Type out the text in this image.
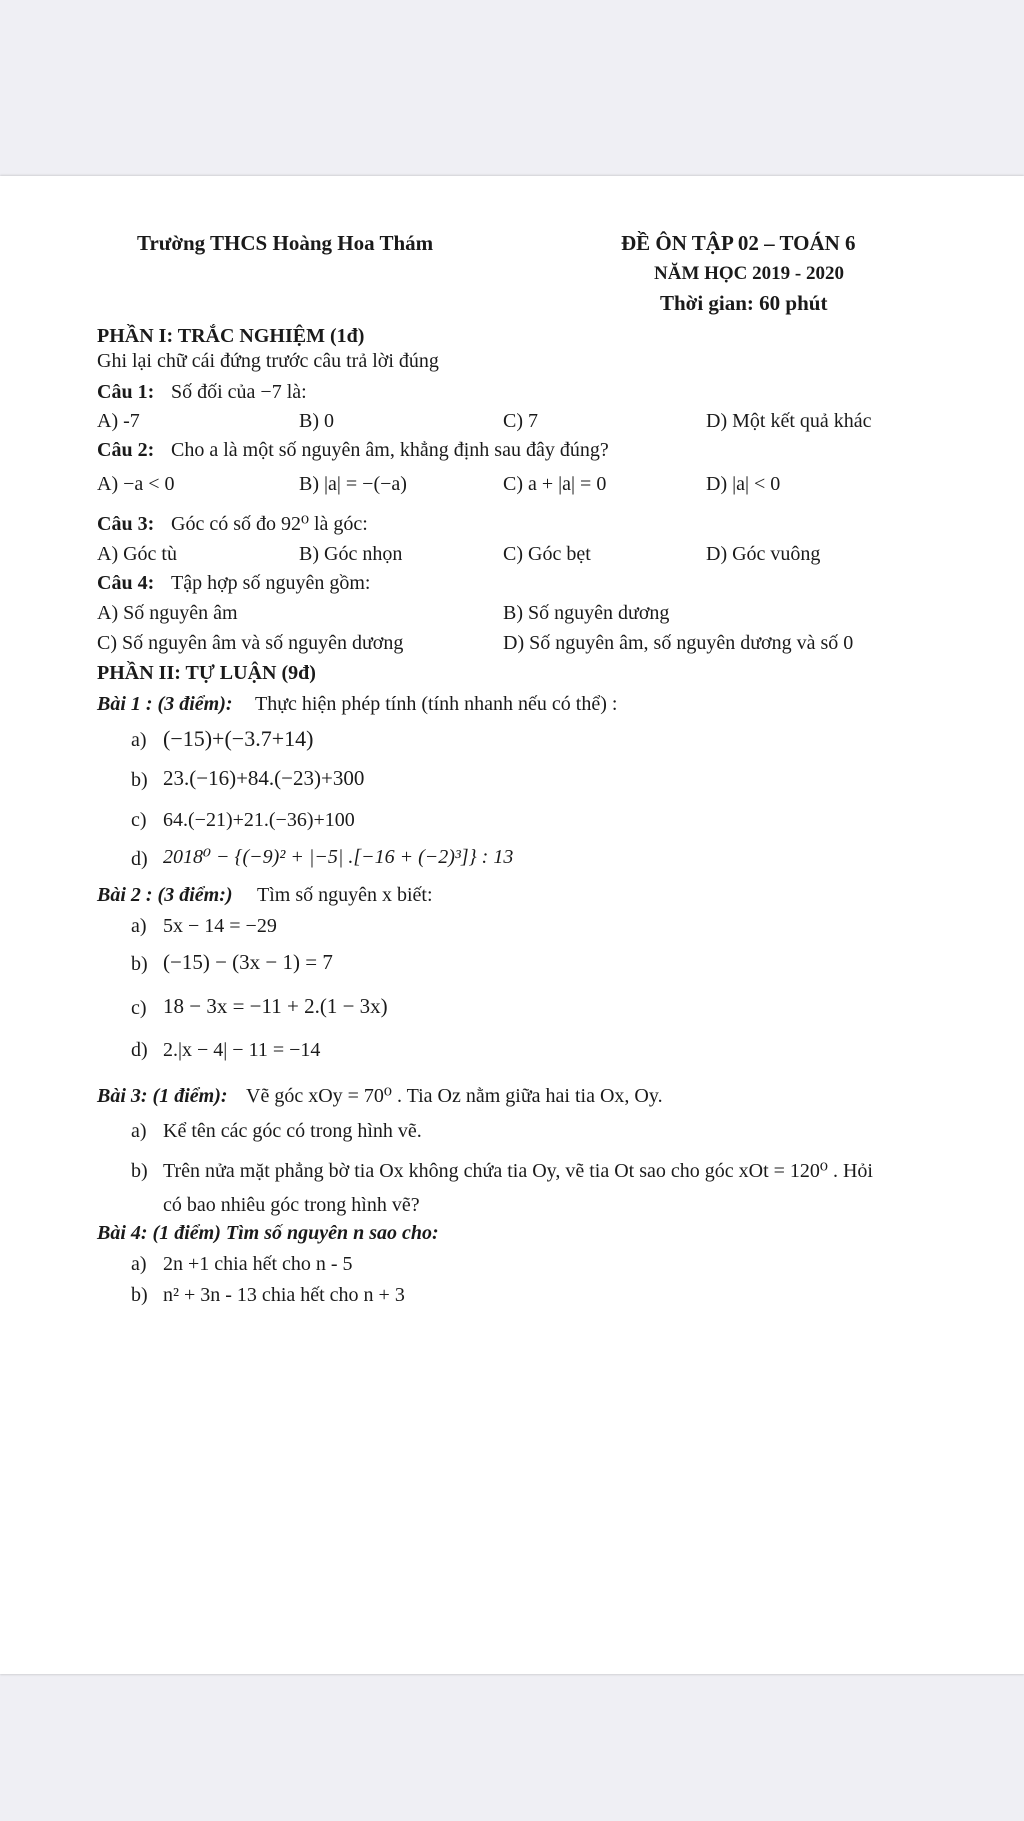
Trường THCS Hoàng Hoa Thám	ĐỀ ÔN TẬP 02 – TOÁN 6
NĂM HỌC 2019 - 2020
Thời gian: 60 phút
PHẦN I: TRẮC NGHIỆM (1đ)
Ghi lại chữ cái đứng trước câu trả lời đúng
Câu 1: Số đối của −7 là:
A) -7	B) 0	C) 7	D) Một kết quả khác
Câu 2: Cho a là một số nguyên âm, khẳng định sau đây đúng?
A) −a < 0	B) |a| = −(−a)	C) a + |a| = 0	D) |a| < 0
Câu 3: Góc có số đo 92⁰ là góc:
A) Góc tù	B) Góc nhọn	C) Góc bẹt	D) Góc vuông
Câu 4: Tập hợp số nguyên gồm:
A) Số nguyên âm	B) Số nguyên dương
C) Số nguyên âm và số nguyên dương	D) Số nguyên âm, số nguyên dương và số 0
PHẦN II: TỰ LUẬN (9đ)
Bài 1 : (3 điểm): Thực hiện phép tính (tính nhanh nếu có thể) :
a) (−15)+(−3.7+14)
b) 23.(−16)+84.(−23)+300
c) 64.(−21)+21.(−36)+100
d) 2018⁰ − {(−9)² + |−5| .[−16 + (−2)³]} : 13
Bài 2 : (3 điểm:) Tìm số nguyên x biết:
a) 5x − 14 = −29
b) (−15) − (3x − 1) = 7
c) 18 − 3x = −11 + 2.(1 − 3x)
d) 2.|x − 4| − 11 = −14
Bài 3: (1 điểm): Vẽ góc xOy = 70⁰ . Tia Oz nằm giữa hai tia Ox, Oy.
a) Kể tên các góc có trong hình vẽ.
b) Trên nửa mặt phẳng bờ tia Ox không chứa tia Oy, vẽ tia Ot sao cho góc xOt = 120⁰ . Hỏi
có bao nhiêu góc trong hình vẽ?
Bài 4: (1 điểm) Tìm số nguyên n sao cho:
a) 2n +1 chia hết cho n - 5
b) n² + 3n - 13 chia hết cho n + 3
